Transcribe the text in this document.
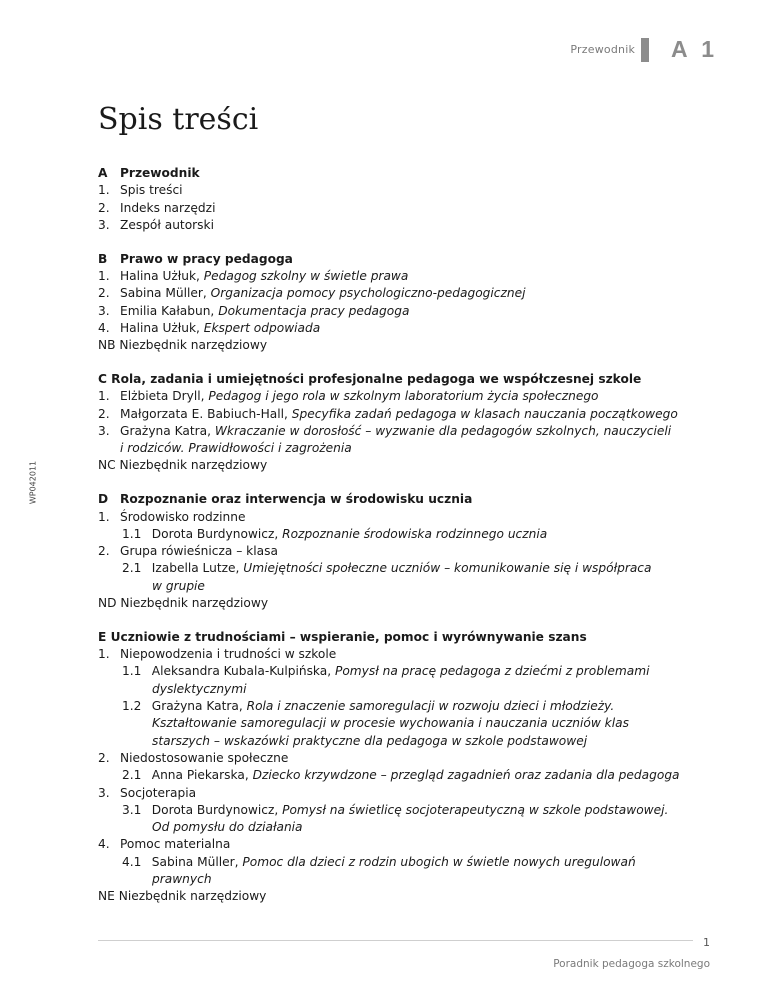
Przewodnik A 1
Spis treści
WP042011
A Przewodnik
1. Spis treści
2. Indeks narzędzi
3. Zespół autorski
B Prawo w pracy pedagoga
1. Halina Użłuk, Pedagog szkolny w świetle prawa
2. Sabina Müller, Organizacja pomocy psychologiczno-pedagogicznej
3. Emilia Kałabun, Dokumentacja pracy pedagoga
4. Halina Użłuk, Ekspert odpowiada
NB Niezbędnik narzędziowy
C Rola, zadania i umiejętności profesjonalne pedagoga we współczesnej szkole
1. Elżbieta Dryll, Pedagog i jego rola w szkolnym laboratorium życia społecznego
2. Małgorzata E. Babiuch-Hall, Specyfika zadań pedagoga w klasach nauczania początkowego
3. Grażyna Katra, Wkraczanie w dorosłość – wyzwanie dla pedagogów szkolnych, nauczycieli
i rodziców. Prawidłowości i zagrożenia
NC Niezbędnik narzędziowy
D Rozpoznanie oraz interwencja w środowisku ucznia
1. Środowisko rodzinne
1.1 Dorota Burdynowicz, Rozpoznanie środowiska rodzinnego ucznia
2. Grupa rówieśnicza – klasa
2.1 Izabella Lutze, Umiejętności społeczne uczniów – komunikowanie się i współpraca
w grupie
ND Niezbędnik narzędziowy
E Uczniowie z trudnościami – wspieranie, pomoc i wyrównywanie szans
1. Niepowodzenia i trudności w szkole
1.1 Aleksandra Kubala-Kulpińska, Pomysł na pracę pedagoga z dziećmi z problemami
dyslektycznymi
1.2 Grażyna Katra, Rola i znaczenie samoregulacji w rozwoju dzieci i młodzieży.
Kształtowanie samoregulacji w procesie wychowania i nauczania uczniów klas
starszych – wskazówki praktyczne dla pedagoga w szkole podstawowej
2. Niedostosowanie społeczne
2.1 Anna Piekarska, Dziecko krzywdzone – przegląd zagadnień oraz zadania dla pedagoga
3. Socjoterapia
3.1 Dorota Burdynowicz, Pomysł na świetlicę socjoterapeutyczną w szkole podstawowej.
Od pomysłu do działania
4. Pomoc materialna
4.1 Sabina Müller, Pomoc dla dzieci z rodzin ubogich w świetle nowych uregulowań
prawnych
NE Niezbędnik narzędziowy
1
Poradnik pedagoga szkolnego
